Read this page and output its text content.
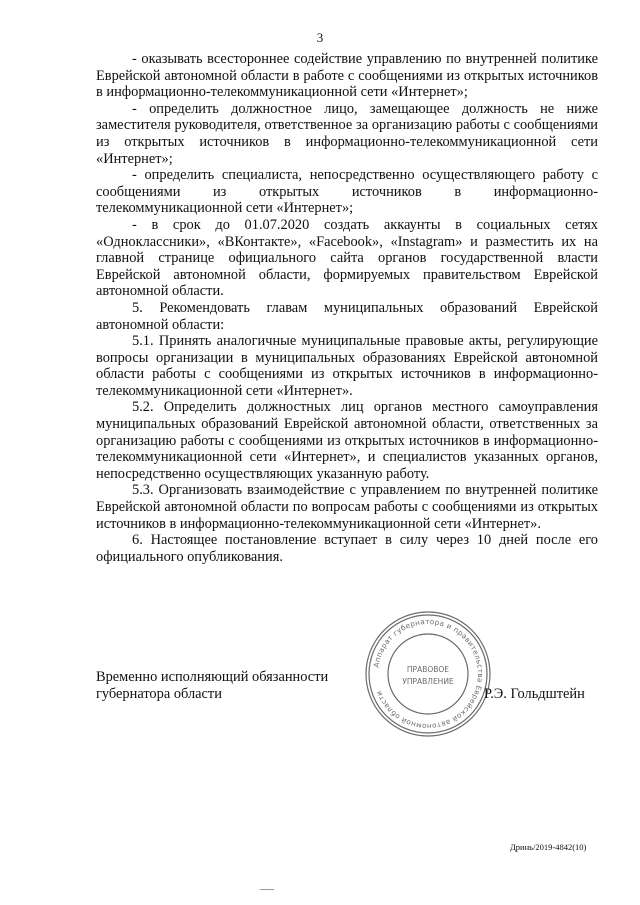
3

- оказывать всестороннее содействие управлению по внутренней политике Еврейской автономной области в работе с сообщениями из открытых источников в информационно-телекоммуникационной сети «Интернет»;

- определить должностное лицо, замещающее должность не ниже заместителя руководителя, ответственное за организацию работы с сообщениями из открытых источников в информационно-телекоммуникационной сети «Интернет»;

- определить специалиста, непосредственно осуществляющего работу с сообщениями из открытых источников в информационно-телекоммуникационной сети «Интернет»;

- в срок до 01.07.2020 создать аккаунты в социальных сетях «Одноклассники», «ВКонтакте», «Facebook», «Instagram» и разместить их на главной странице официального сайта органов государственной власти Еврейской автономной области, формируемых правительством Еврейской автономной области.

5. Рекомендовать главам муниципальных образований Еврейской автономной области:

5.1. Принять аналогичные муниципальные правовые акты, регулирующие вопросы организации в муниципальных образованиях Еврейской автономной области работы с сообщениями из открытых источников в информационно-телекоммуникационной сети «Интернет».

5.2. Определить должностных лиц органов местного самоуправления муниципальных образований Еврейской автономной области, ответственных за организацию работы с сообщениями из открытых источников в информационно-телекоммуникационной сети «Интернет», и специалистов указанных органов, непосредственно осуществляющих указанную работу.

5.3. Организовать взаимодействие с управлением по внутренней политике Еврейской автономной области по вопросам работы с сообщениями из открытых источников в информационно-телекоммуникационной сети «Интернет».

6. Настоящее постановление вступает в силу через 10 дней после его официального опубликования.

Аппарат губернатора и правительства Еврейской автономной области
ПРАВОВОЕ
УПРАВЛЕНИЕ
Временно исполняющий обязанности
губернатора области	Р.Э. Гольдштейн
Дринь/2019-4842(10)
